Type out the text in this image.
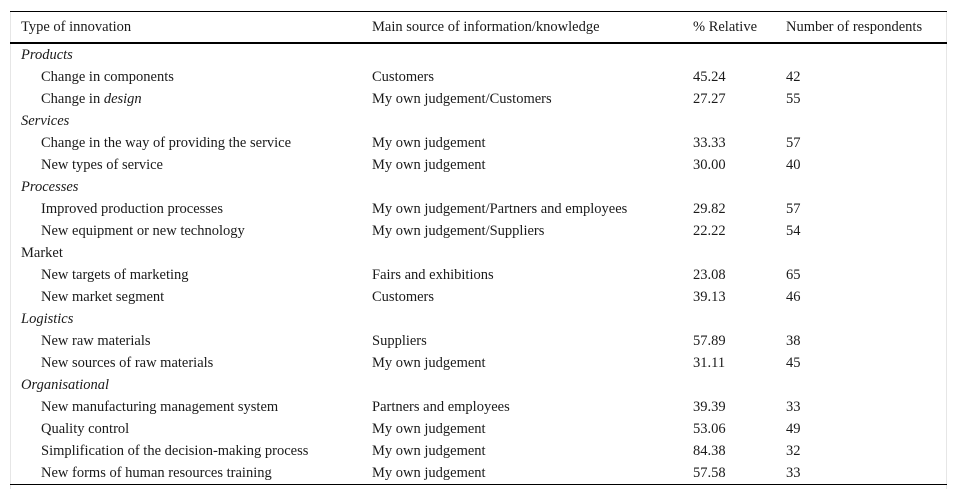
Type of innovation	Main source of information/knowledge	% Relative	Number of respondents
Products			
Change in components	Customers	45.24	42
Change in design	My own judgement/Customers	27.27	55
Services			
Change in the way of providing the service	My own judgement	33.33	57
New types of service	My own judgement	30.00	40
Processes			
Improved production processes	My own judgement/Partners and employees	29.82	57
New equipment or new technology	My own judgement/Suppliers	22.22	54
Market			
New targets of marketing	Fairs and exhibitions	23.08	65
New market segment	Customers	39.13	46
Logistics			
New raw materials	Suppliers	57.89	38
New sources of raw materials	My own judgement	31.11	45
Organisational			
New manufacturing management system	Partners and employees	39.39	33
Quality control	My own judgement	53.06	49
Simplification of the decision-making process	My own judgement	84.38	32
New forms of human resources training	My own judgement	57.58	33
